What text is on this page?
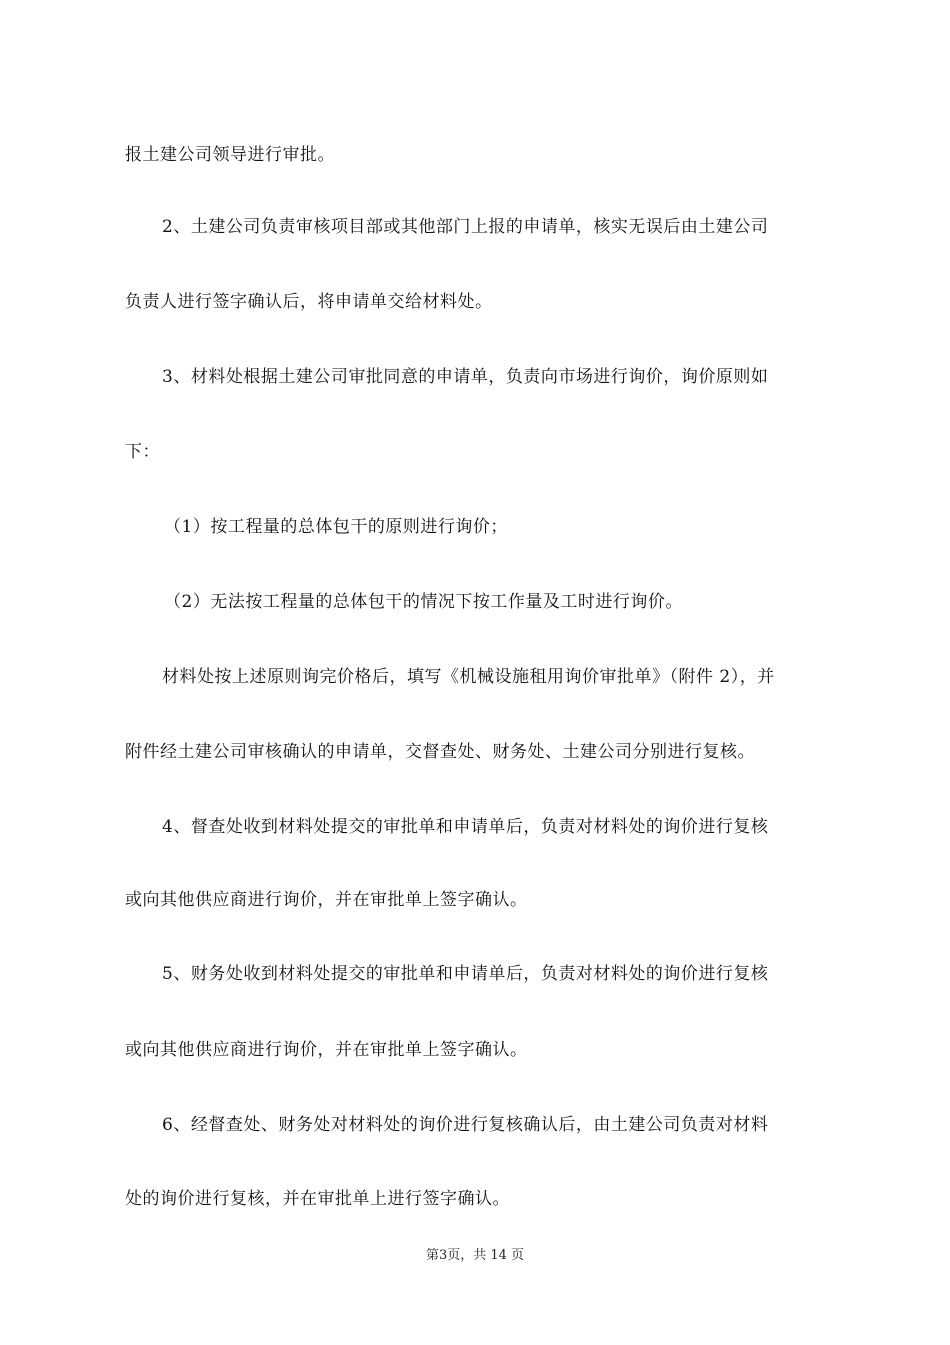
报土建公司领导进行审批。
2、土建公司负责审核项目部或其他部门上报的申请单，核实无误后由土建公司
负责人进行签字确认后，将申请单交给材料处。
3、材料处根据土建公司审批同意的申请单，负责向市场进行询价，询价原则如
下：
（1）按工程量的总体包干的原则进行询价；
（2）无法按工程量的总体包干的情况下按工作量及工时进行询价。
材料处按上述原则询完价格后，填写《机械设施租用询价审批单》（附件 2），并
附件经土建公司审核确认的申请单，交督查处、财务处、土建公司分别进行复核。
4、督查处收到材料处提交的审批单和申请单后，负责对材料处的询价进行复核
或向其他供应商进行询价，并在审批单上签字确认。
5、财务处收到材料处提交的审批单和申请单后，负责对材料处的询价进行复核
或向其他供应商进行询价，并在审批单上签字确认。
6、经督查处、财务处对材料处的询价进行复核确认后，由土建公司负责对材料
处的询价进行复核，并在审批单上进行签字确认。
第3页，共 14 页
